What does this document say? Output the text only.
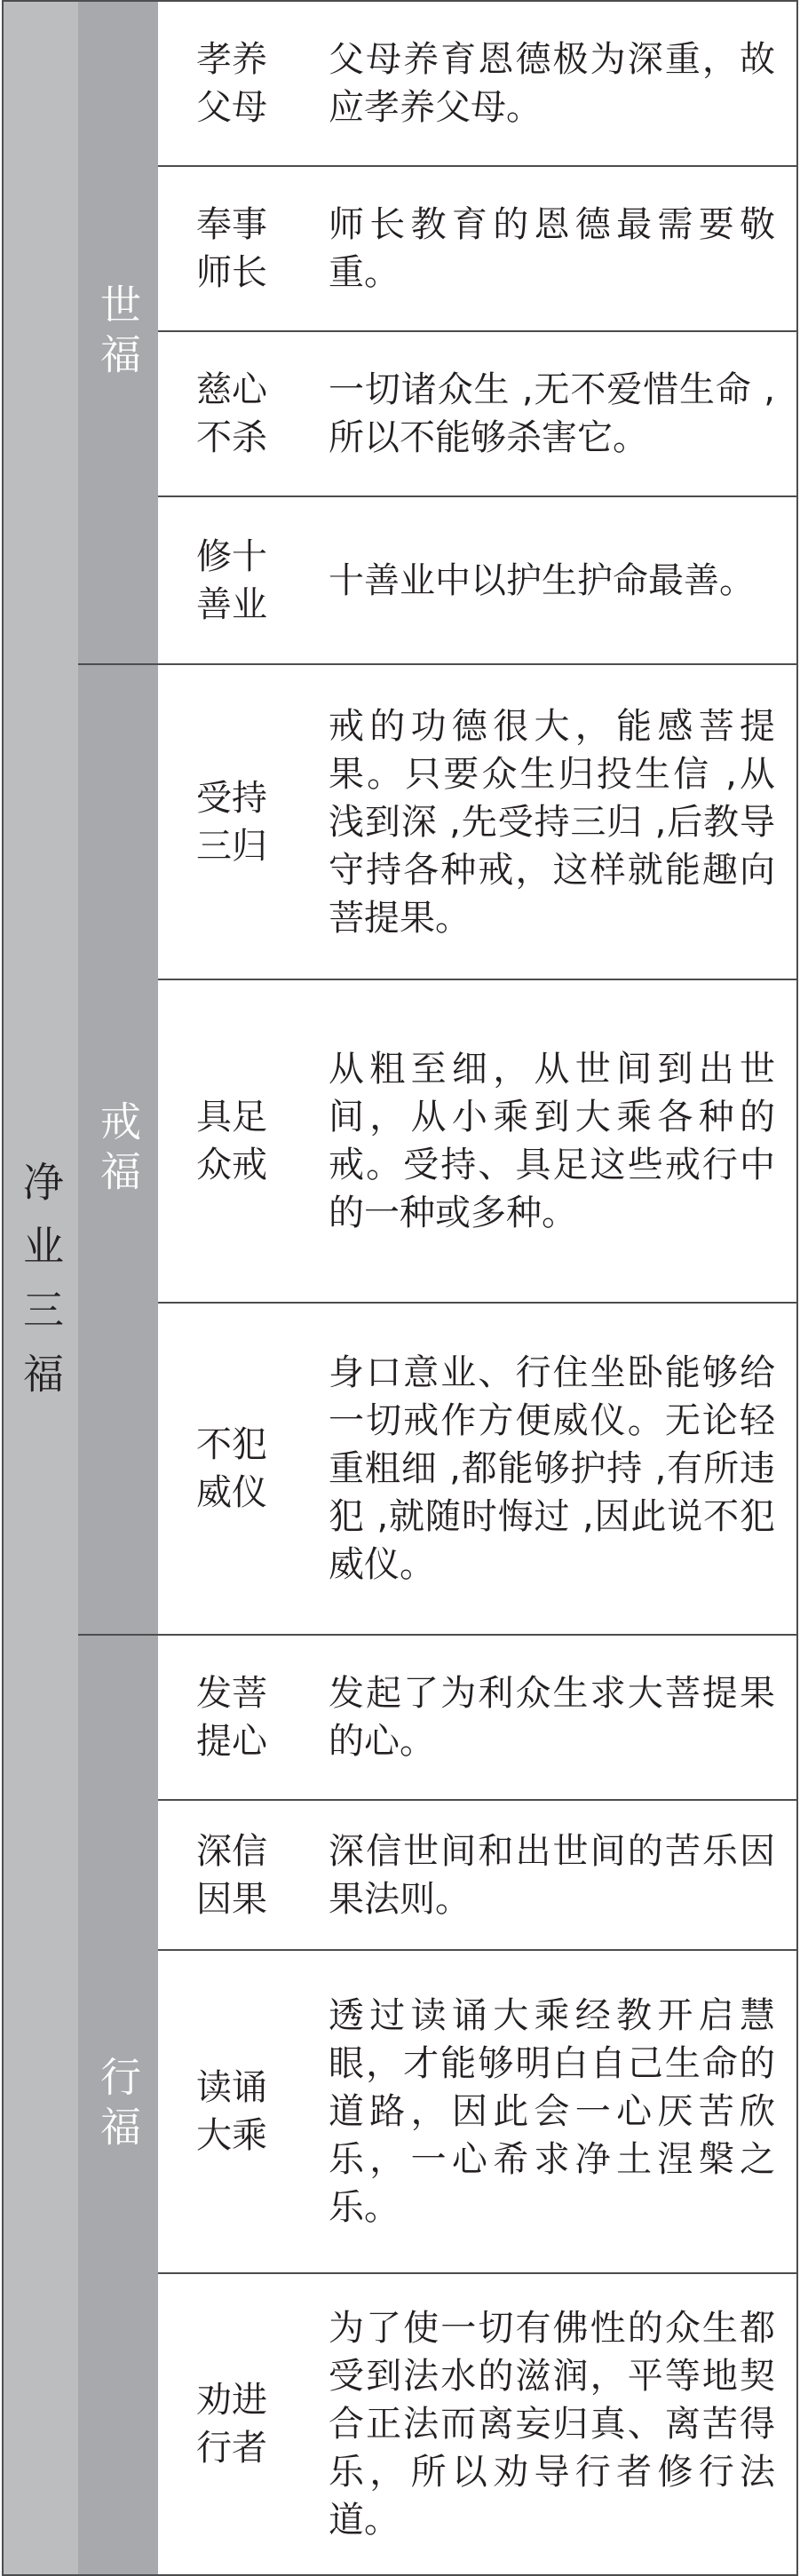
净业三福
世福
戒福
行福
孝养父母
父母养育恩德极为深重，故应孝养父母。
奉事师长
师长教育的恩德最需要敬重。
慈心不杀
一切诸众生 ,无不爱惜生命 ,所以不能够杀害它。
修十善业
十善业中以护生护命最善。
受持三归
戒的功德很大，能感菩提果。只要众生归投生信 ,从浅到深 ,先受持三归 ,后教导守持各种戒，这样就能趣向菩提果。
具足众戒
从粗至细，从世间到出世间，从小乘到大乘各种的戒。受持、具足这些戒行中的一种或多种。
不犯威仪
身口意业、行住坐卧能够给一切戒作方便威仪。无论轻重粗细 ,都能够护持 ,有所违犯 ,就随时悔过 ,因此说不犯威仪。
发菩提心
发起了为利众生求大菩提果的心。
深信因果
深信世间和出世间的苦乐因果法则。
读诵大乘
透过读诵大乘经教开启慧眼，才能够明白自己生命的道路，因此会一心厌苦欣乐，一心希求净土涅槃之乐。
劝进行者
为了使一切有佛性的众生都受到法水的滋润，平等地契合正法而离妄归真、离苦得乐，所以劝导行者修行法道。
